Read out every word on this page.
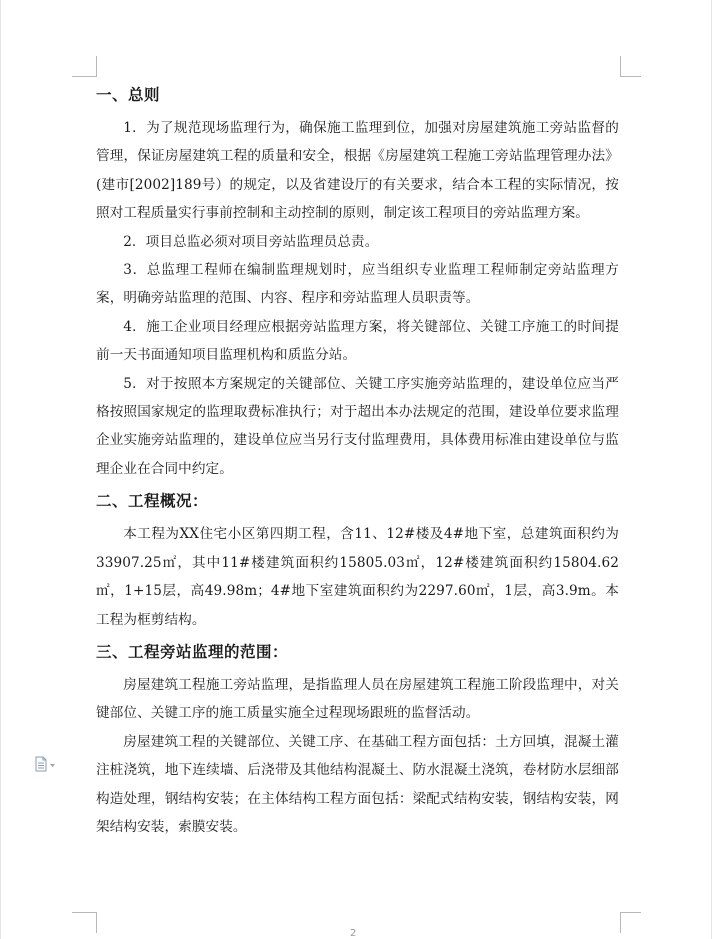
一、总则

1．为了规范现场监理行为，确保施工监理到位，加强对房屋建筑施工旁站监督的管理，保证房屋建筑工程的质量和安全，根据《房屋建筑工程施工旁站监理管理办法》(建市[2002]189号）的规定，以及省建设厅的有关要求，结合本工程的实际情况，按照对工程质量实行事前控制和主动控制的原则，制定该工程项目的旁站监理方案。

2．项目总监必须对项目旁站监理员总责。

3．总监理工程师在编制监理规划时，应当组织专业监理工程师制定旁站监理方案，明确旁站监理的范围、内容、程序和旁站监理人员职责等。

4．施工企业项目经理应根据旁站监理方案，将关键部位、关键工序施工的时间提前一天书面通知项目监理机构和质监分站。

5．对于按照本方案规定的关键部位、关键工序实施旁站监理的，建设单位应当严格按照国家规定的监理取费标准执行；对于超出本办法规定的范围，建设单位要求监理企业实施旁站监理的，建设单位应当另行支付监理费用，具体费用标准由建设单位与监理企业在合同中约定。

二、工程概况：

本工程为XX住宅小区第四期工程，含11、12#楼及4#地下室，总建筑面积约为33907.25㎡，其中11#楼建筑面积约15805.03㎡，12#楼建筑面积约15804.62㎡，1+15层，高49.98m；4#地下室建筑面积约为2297.60㎡，1层，高3.9m。本工程为框剪结构。

三、工程旁站监理的范围：

房屋建筑工程施工旁站监理，是指监理人员在房屋建筑工程施工阶段监理中，对关键部位、关键工序的施工质量实施全过程现场跟班的监督活动。

房屋建筑工程的关键部位、关键工序、在基础工程方面包括：土方回填，混凝土灌注桩浇筑，地下连续墙、后浇带及其他结构混凝土、防水混凝土浇筑，卷材防水层细部构造处理，钢结构安装；在主体结构工程方面包括：梁配式结构安装，钢结构安装，网架结构安装，索膜安装。

2
